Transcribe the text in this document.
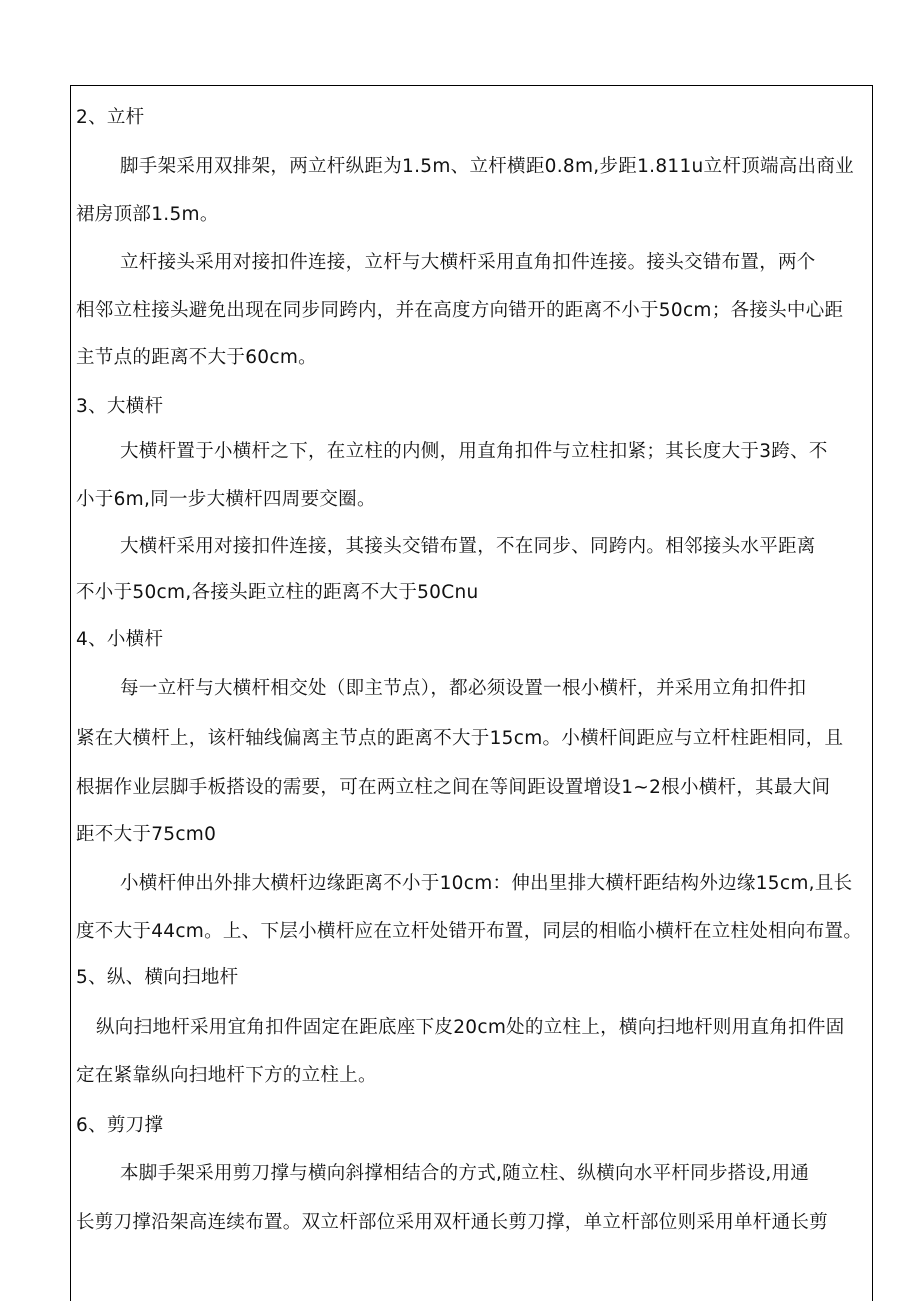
2、立杆
脚手架采用双排架，两立杆纵距为1.5m、立杆横距0.8m,步距1.811u立杆顶端高出商业
裙房顶部1.5m。
立杆接头采用对接扣件连接，立杆与大横杆采用直角扣件连接。接头交错布置，两个
相邻立柱接头避免出现在同步同跨内，并在高度方向错开的距离不小于50cm；各接头中心距
主节点的距离不大于60cm。
3、大横杆
大横杆置于小横杆之下，在立柱的内侧，用直角扣件与立柱扣紧；其长度大于3跨、不
小于6m,同一步大横杆四周要交圈。
大横杆采用对接扣件连接，其接头交错布置，不在同步、同跨内。相邻接头水平距离
不小于50cm,各接头距立柱的距离不大于50Cnu
4、小横杆
每一立杆与大横杆相交处（即主节点），都必须设置一根小横杆，并采用立角扣件扣
紧在大横杆上，该杆轴线偏离主节点的距离不大于15cm。小横杆间距应与立杆柱距相同，且
根据作业层脚手板搭设的需要，可在两立柱之间在等间距设置增设1~2根小横杆，其最大间
距不大于75cm0
小横杆伸出外排大横杆边缘距离不小于10cm：伸出里排大横杆距结构外边缘15cm,且长
度不大于44cm。上、下层小横杆应在立杆处错开布置，同层的相临小横杆在立柱处相向布置。
5、纵、横向扫地杆
纵向扫地杆采用宜角扣件固定在距底座下皮20cm处的立柱上，横向扫地杆则用直角扣件固
定在紧靠纵向扫地杆下方的立柱上。
6、剪刀撑
本脚手架采用剪刀撑与横向斜撑相结合的方式,随立柱、纵横向水平杆同步搭设,用通
长剪刀撑沿架高连续布置。双立杆部位采用双杆通长剪刀撑，单立杆部位则采用单杆通长剪
